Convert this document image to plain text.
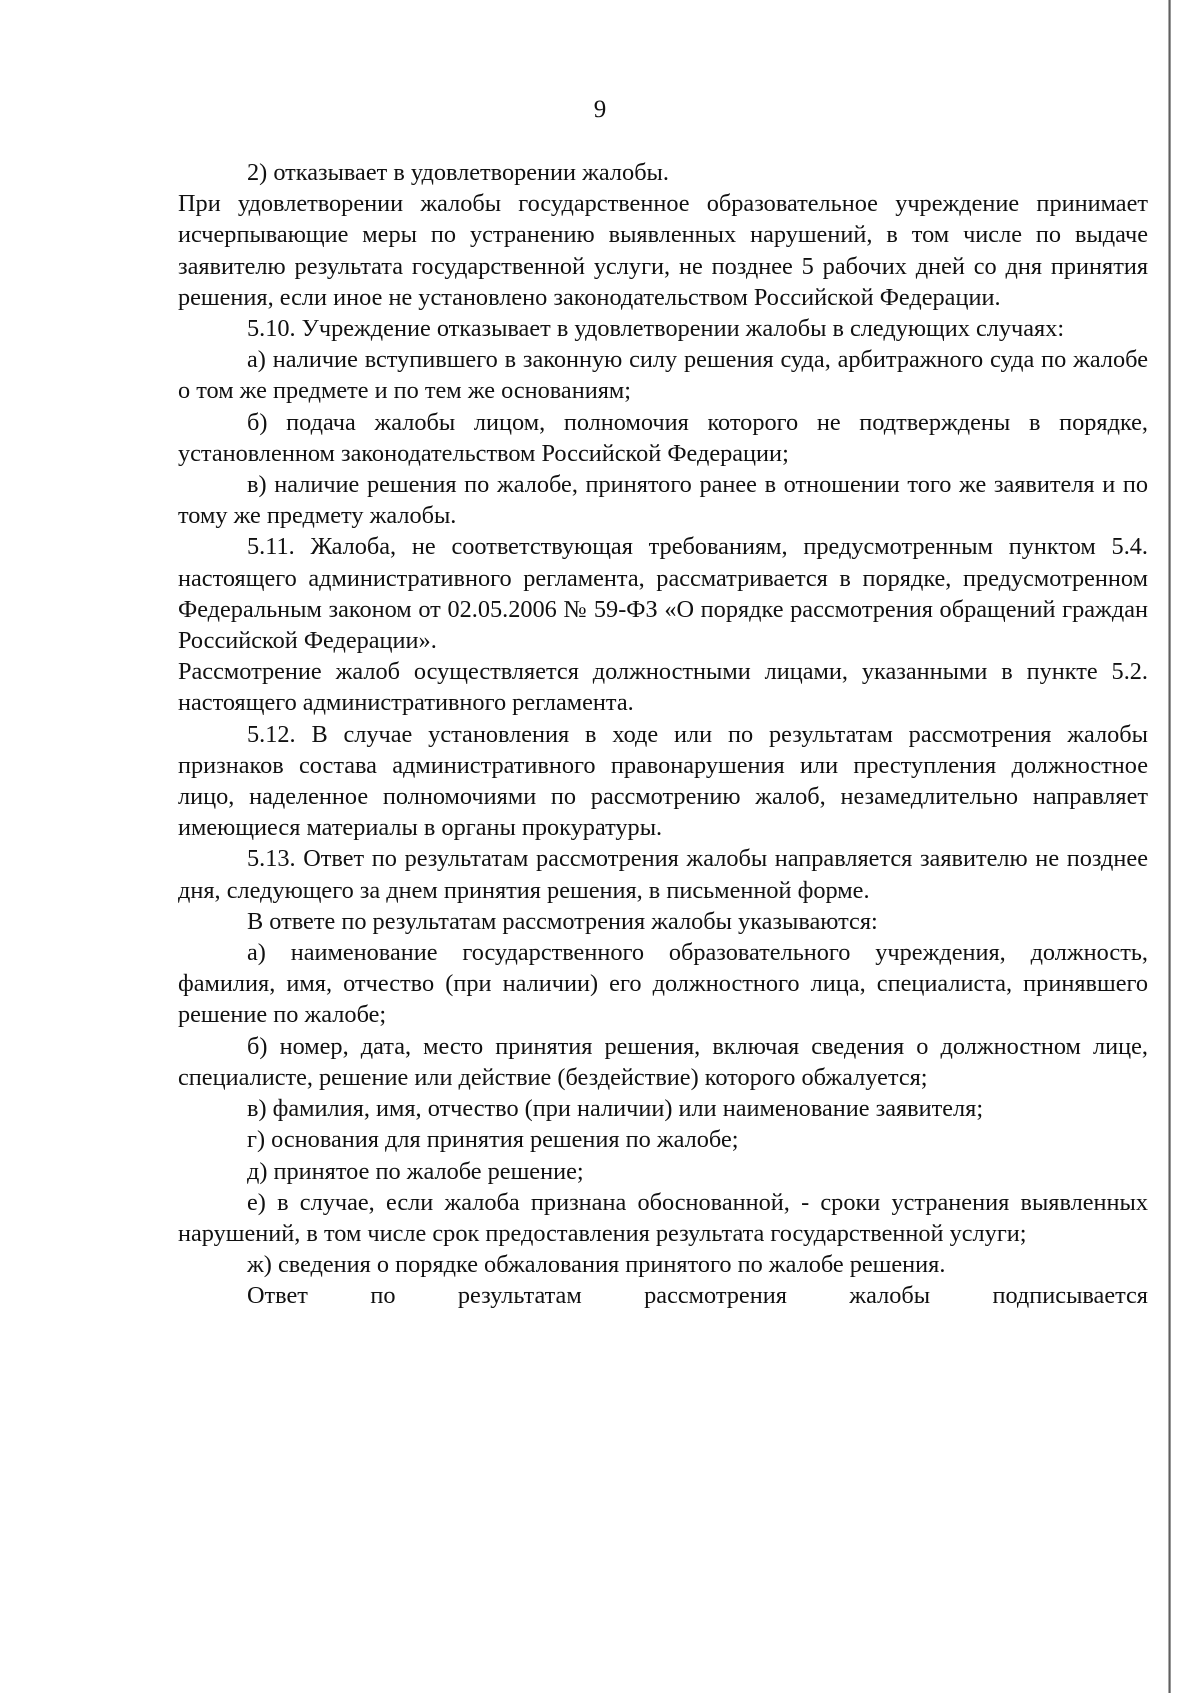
9

2) отказывает в удовлетворении жалобы.

При удовлетворении жалобы государственное образовательное учреждение принимает исчерпывающие меры по устранению выявленных нарушений, в том числе по выдаче заявителю результата государственной услуги, не позднее 5 рабочих дней со дня принятия решения, если иное не установлено законодательством Российской Федерации.

5.10. Учреждение отказывает в удовлетворении жалобы в следующих случаях:

а) наличие вступившего в законную силу решения суда, арбитражного суда по жалобе о том же предмете и по тем же основаниям;

б) подача жалобы лицом, полномочия которого не подтверждены в порядке, установленном законодательством Российской Федерации;

в) наличие решения по жалобе, принятого ранее в отношении того же заявителя и по тому же предмету жалобы.

5.11. Жалоба, не соответствующая требованиям, предусмотренным пунктом 5.4. настоящего административного регламента, рассматривается в порядке, предусмотренном Федеральным законом от 02.05.2006 № 59-ФЗ «О порядке рассмотрения обращений граждан Российской Федерации».

Рассмотрение жалоб осуществляется должностными лицами, указанными в пункте 5.2. настоящего административного регламента.

5.12. В случае установления в ходе или по результатам рассмотрения жалобы признаков состава административного правонарушения или преступления должностное лицо, наделенное полномочиями по рассмотрению жалоб, незамедлительно направляет имеющиеся материалы в органы прокуратуры.

5.13. Ответ по результатам рассмотрения жалобы направляется заявителю не позднее дня, следующего за днем принятия решения, в письменной форме.

В ответе по результатам рассмотрения жалобы указываются:

а) наименование государственного образовательного учреждения, должность, фамилия, имя, отчество (при наличии) его должностного лица, специалиста, принявшего решение по жалобе;

б) номер, дата, место принятия решения, включая сведения о должностном лице, специалисте, решение или действие (бездействие) которого обжалуется;

в) фамилия, имя, отчество (при наличии) или наименование заявителя;

г) основания для принятия решения по жалобе;

д) принятое по жалобе решение;

е) в случае, если жалоба признана обоснованной, - сроки устранения выявленных нарушений, в том числе срок предоставления результата государственной услуги;

ж) сведения о порядке обжалования принятого по жалобе решения.

Ответ по результатам рассмотрения жалобы подписывается
